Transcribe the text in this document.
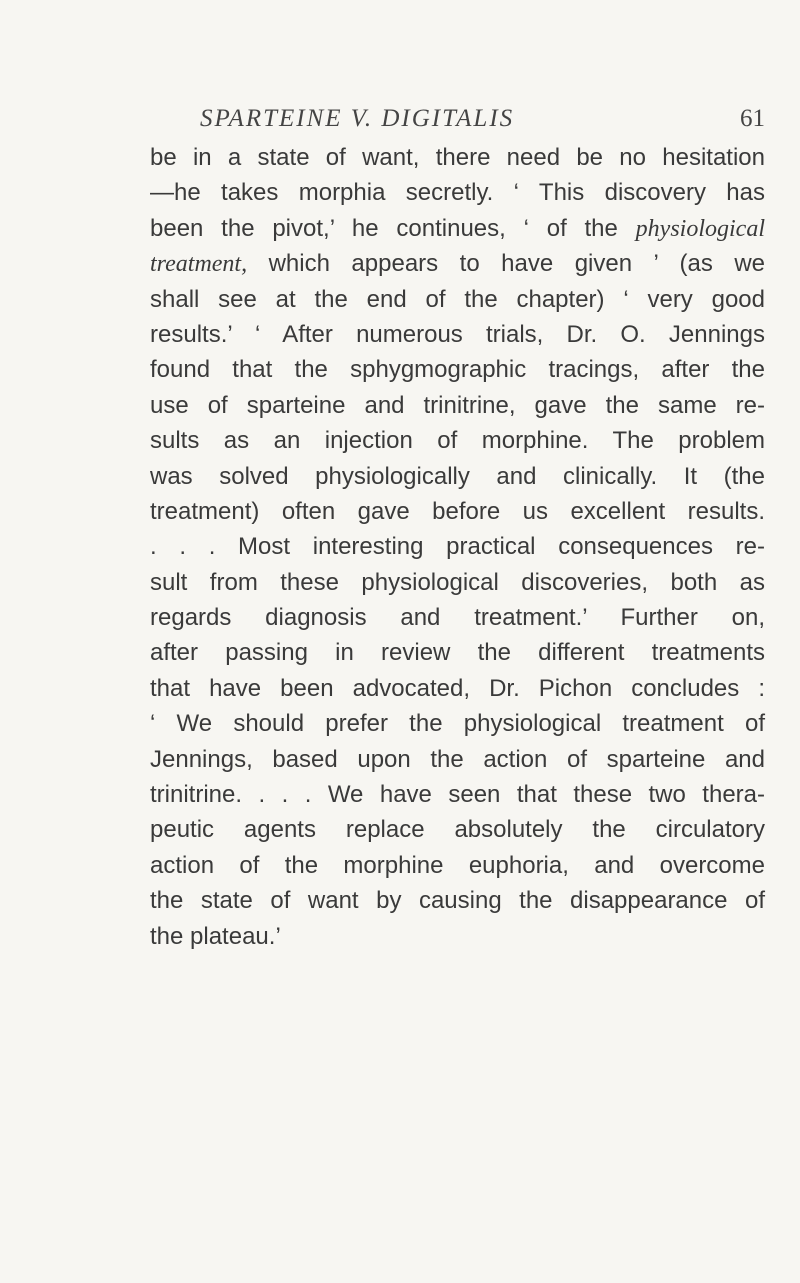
SPARTEINE V. DIGITALIS	61
be in a state of want, there need be no hesitation
—he takes morphia secretly. ‘ This discovery has
been the pivot,’ he continues, ‘ of the physiological
treatment, which appears to have given ’ (as we
shall see at the end of the chapter) ‘ very good
results.’ ‘ After numerous trials, Dr. O. Jennings
found that the sphygmographic tracings, after the
use of sparteine and trinitrine, gave the same re-
sults as an injection of morphine. The problem
was solved physiologically and clinically. It (the
treatment) often gave before us excellent results.
. . . Most interesting practical consequences re-
sult from these physiological discoveries, both as
regards diagnosis and treatment.’ Further on,
after passing in review the different treatments
that have been advocated, Dr. Pichon concludes :
‘ We should prefer the physiological treatment of
Jennings, based upon the action of sparteine and
trinitrine. . . . We have seen that these two thera-
peutic agents replace absolutely the circulatory
action of the morphine euphoria, and overcome
the state of want by causing the disappearance of
the plateau.’
